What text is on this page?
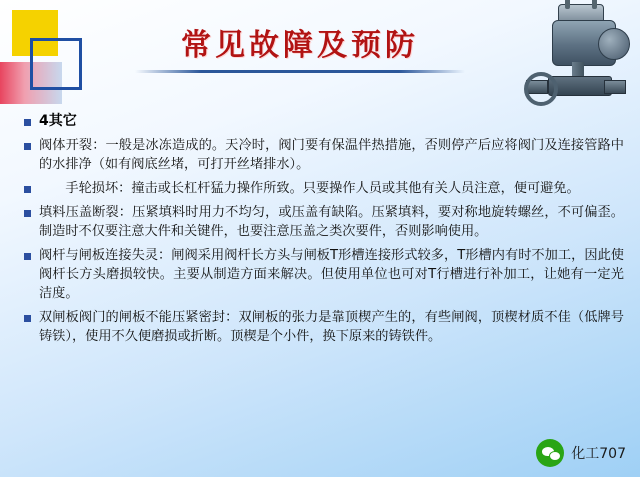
常见故障及预防
4其它
阀体开裂：一般是冰冻造成的。天冷时，阀门要有保温伴热措施，否则停产后应将阀门及连接管路中的水排净（如有阀底丝堵，可打开丝堵排水）。
手轮损坏：撞击或长杠杆猛力操作所致。只要操作人员或其他有关人员注意，便可避免。
填料压盖断裂：压紧填料时用力不均匀，或压盖有缺陷。压紧填料，要对称地旋转螺丝，不可偏歪。制造时不仅要注意大件和关键件，也要注意压盖之类次要件，否则影响使用。
阀杆与闸板连接失灵：闸阀采用阀杆长方头与闸板T形槽连接形式较多，T形槽内有时不加工，因此使阀杆长方头磨损较快。主要从制造方面来解决。但使用单位也可对T行槽进行补加工，让她有一定光洁度。
双闸板阀门的闸板不能压紧密封：双闸板的张力是靠顶楔产生的，有些闸阀，顶楔材质不佳（低牌号铸铁），使用不久便磨损或折断。顶楔是个小件，换下原来的铸铁件。
化工707
